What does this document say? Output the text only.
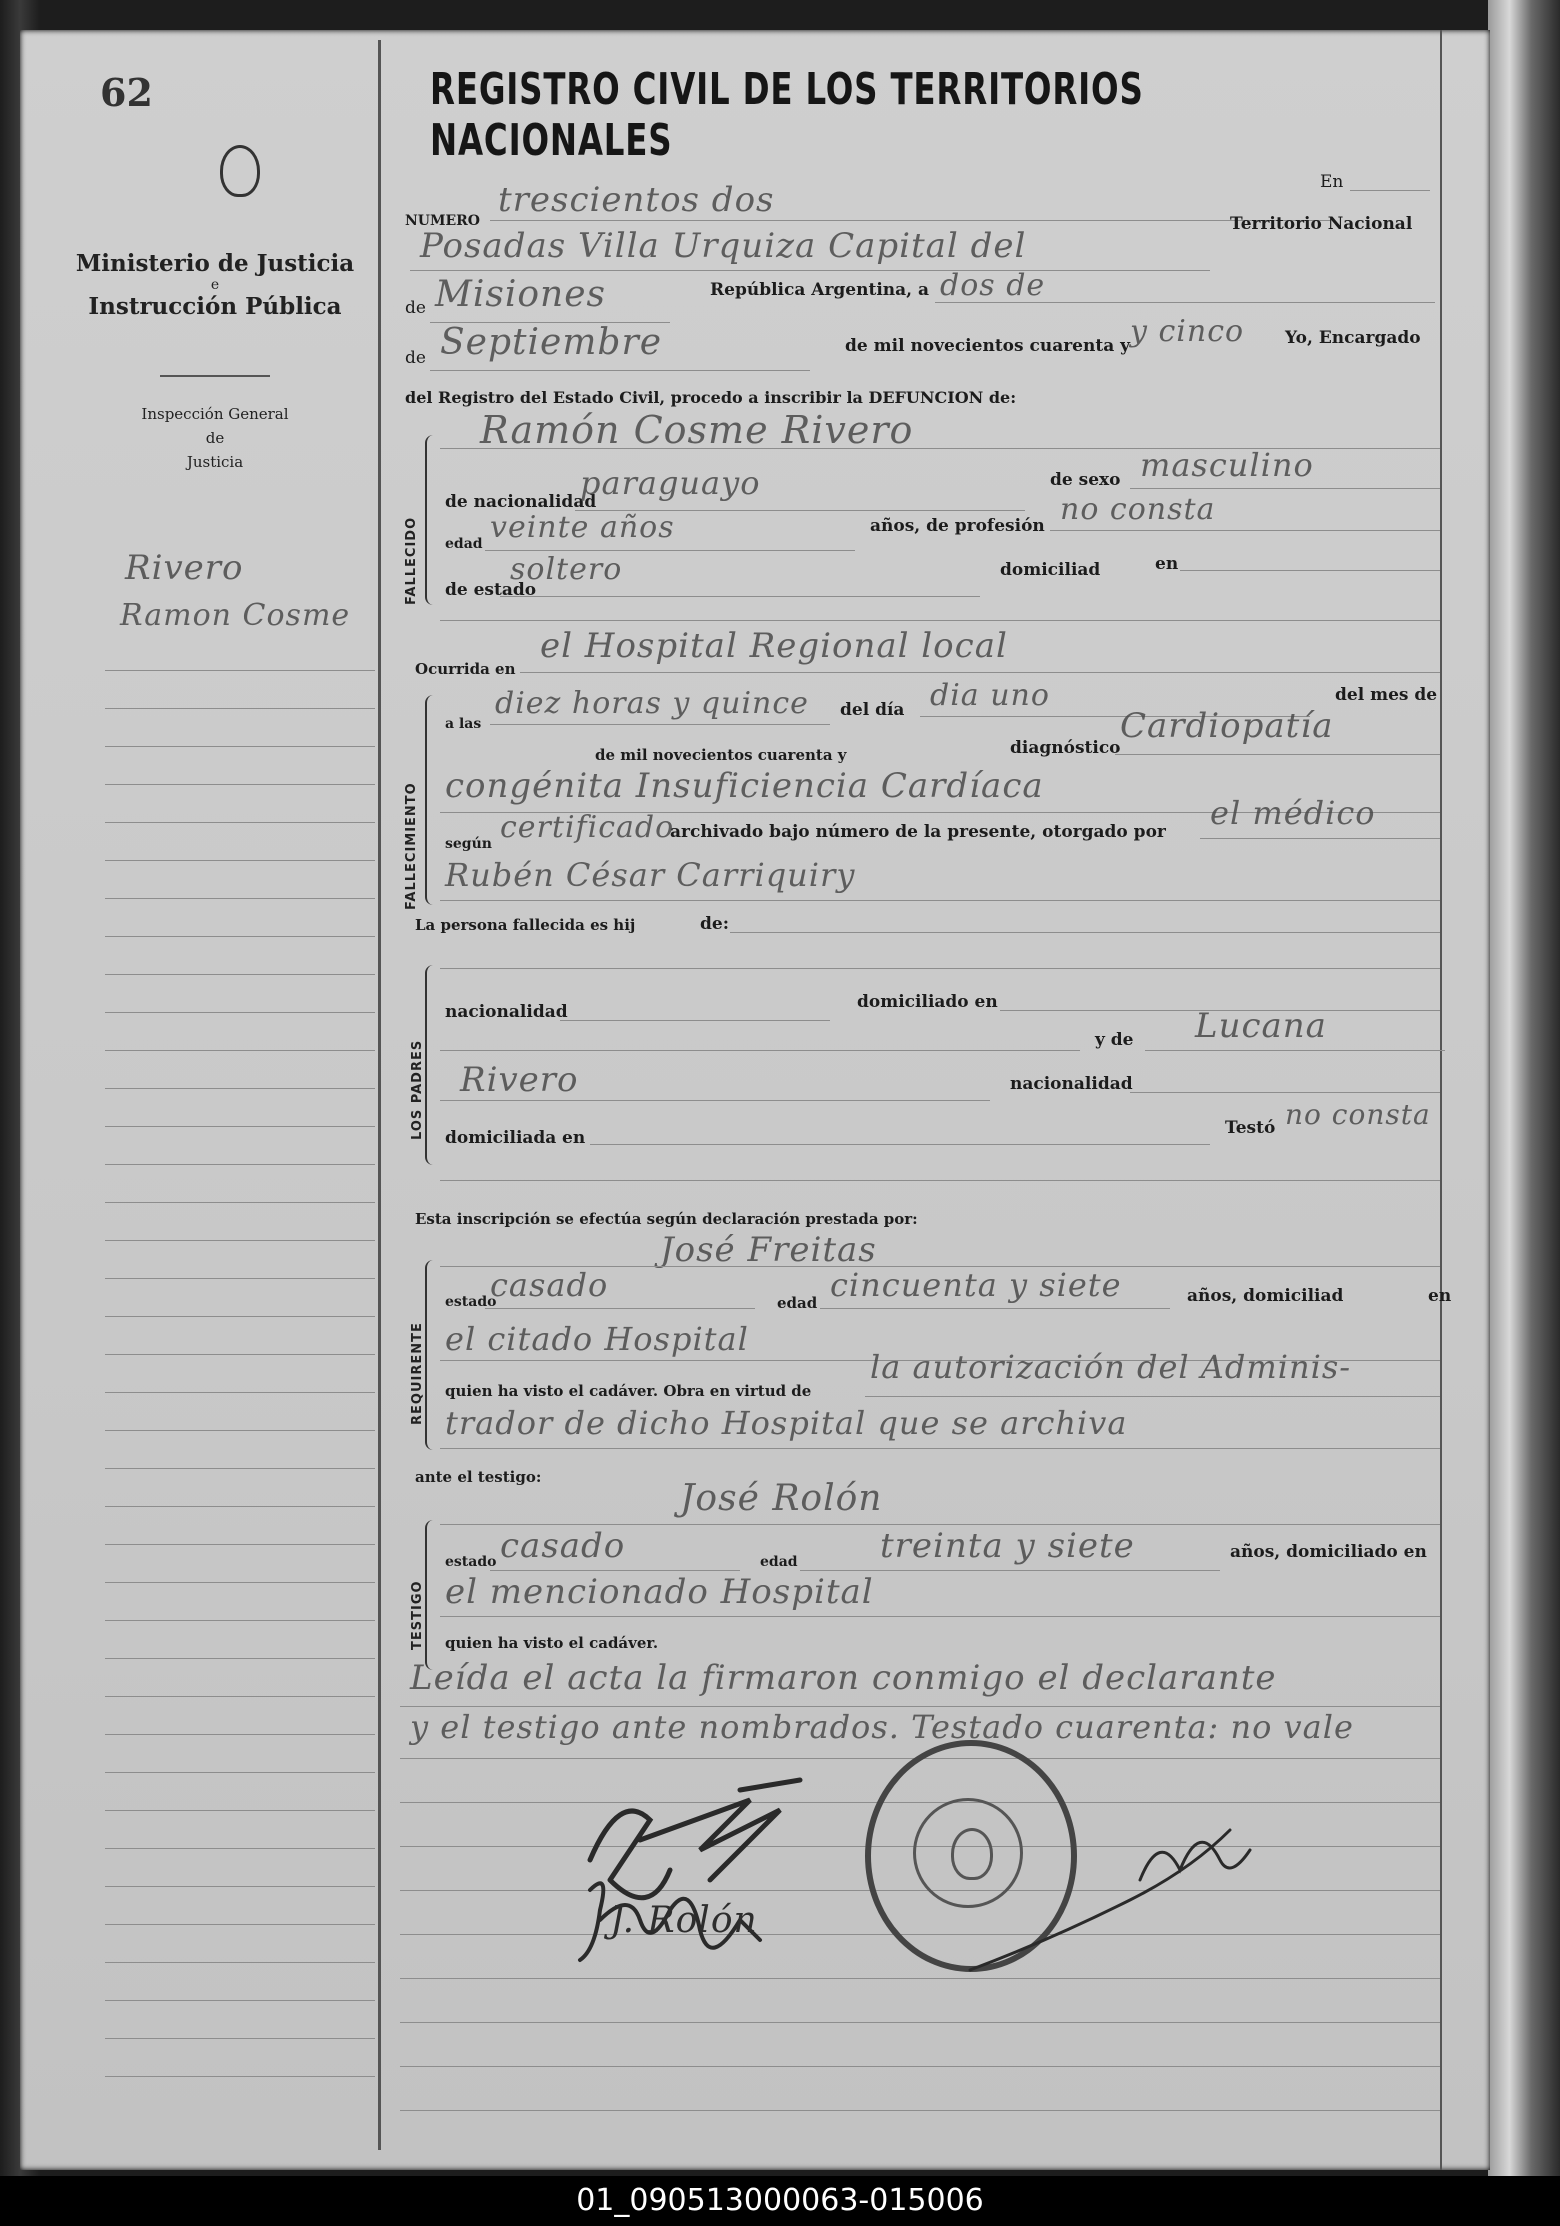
62
Ministerio de Justicia
e
Instrucción Pública
Inspección General
de
Justicia
Rivero
Ramon Cosme
REGISTRO CIVIL DE LOS TERRITORIOS NACIONALES
NUMERO
trescientos dos	En
Posadas Villa Urquiza Capital del
Territorio Nacional
de Misiones	República Argentina, a dos de
de Septiembre	de mil novecientos cuarenta y y cinco Yo, Encargado
del Registro del Estado Civil, procedo a inscribir la DEFUNCION de:
FALLECIDO
Ramón Cosme Rivero
de nacionalidad
paraguayo	de sexo masculino
edad veinte años	años, de profesión no consta
de estado
soltero	domiciliad	en
Ocurrida en
el Hospital Regional local
FALLECIMIENTO
a las
diez horas y quince del día dia uno	del mes de
de mil novecientos cuarenta y	diagnóstico
Cardiopatía
congénita Insuficiencia Cardíaca
según certificado
archivado bajo número de la presente, otorgado por el médico
Rubén César Carriquiry
La persona fallecida es hij	de:
LOS PADRES
nacionalidad	domiciliado en
y de Lucana
Rivero	nacionalidad
domiciliada en	Testó no consta
Esta inscripción se efectúa según declaración prestada por:
REQUIRENTE
José Freitas
estado
casado	edad cincuenta y siete	años, domiciliad	en
el citado Hospital
quien ha visto el cadáver. Obra en virtud de
la autorización del Adminis-
trador de dicho Hospital que se archiva
ante el testigo:
TESTIGO
José Rolón
estado casado	edad treinta y siete	años, domiciliado en
el mencionado Hospital
quien ha visto el cadáver.
Leída el acta la firmaron conmigo el declarante
y el testigo ante nombrados. Testado cuarenta: no vale
J. Rolón
01_090513000063-015006
